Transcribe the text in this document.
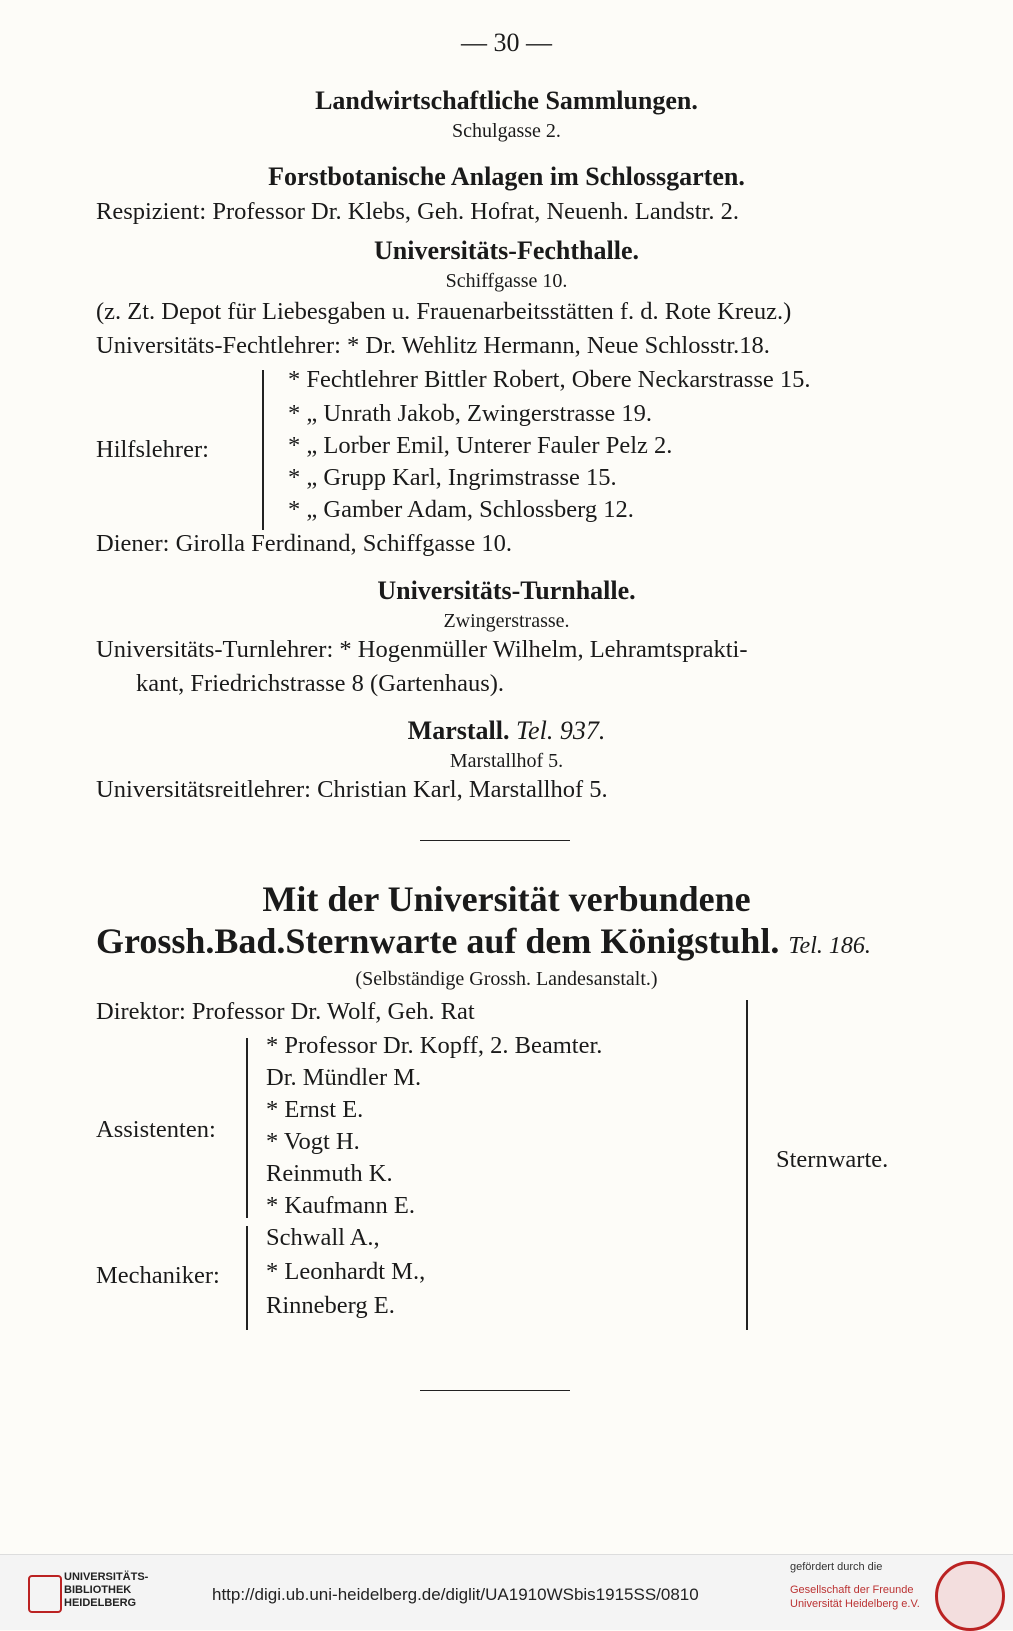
— 30 —
Landwirtschaftliche Sammlungen.
Schulgasse 2.
Forstbotanische Anlagen im Schlossgarten.
Respizient: Professor Dr. Klebs, Geh. Hofrat, Neuenh. Landstr. 2.
Universitäts-Fechthalle.
Schiffgasse 10.
(z. Zt. Depot für Liebesgaben u. Frauenarbeitsstätten f. d. Rote Kreuz.)
Universitäts-Fechtlehrer: * Dr. Wehlitz Hermann, Neue Schlosstr.18.
Hilfslehrer:
* Fechtlehrer Bittler Robert, Obere Neckarstrasse 15.
* „ Unrath Jakob, Zwingerstrasse 19.
* „ Lorber Emil, Unterer Fauler Pelz 2.
* „ Grupp Karl, Ingrimstrasse 15.
* „ Gamber Adam, Schlossberg 12.
Diener: Girolla Ferdinand, Schiffgasse 10.
Universitäts-Turnhalle.
Zwingerstrasse.
Universitäts-Turnlehrer: * Hogenmüller Wilhelm, Lehramtsprakti-
kant, Friedrichstrasse 8 (Gartenhaus).
Marstall. Tel. 937.
Marstallhof 5.
Universitätsreitlehrer: Christian Karl, Marstallhof 5.
Mit der Universität verbundene
Grossh.Bad.Sternwarte auf dem Königstuhl. Tel. 186.
(Selbständige Grossh. Landesanstalt.)
Direktor: Professor Dr. Wolf, Geh. Rat
Assistenten:
* Professor Dr. Kopff, 2. Beamter.
Dr. Mündler M.
* Ernst E.
* Vogt H.
Reinmuth K.
* Kaufmann E.
Mechaniker:
Schwall A.,
* Leonhardt M.,
Rinneberg E.
Sternwarte.
UNIVERSITÄTS-
BIBLIOTHEK
HEIDELBERG	http://digi.ub.uni-heidelberg.de/diglit/UA1910WSbis1915SS/0810
gefördert durch die
Gesellschaft der Freunde
Universität Heidelberg e.V.
